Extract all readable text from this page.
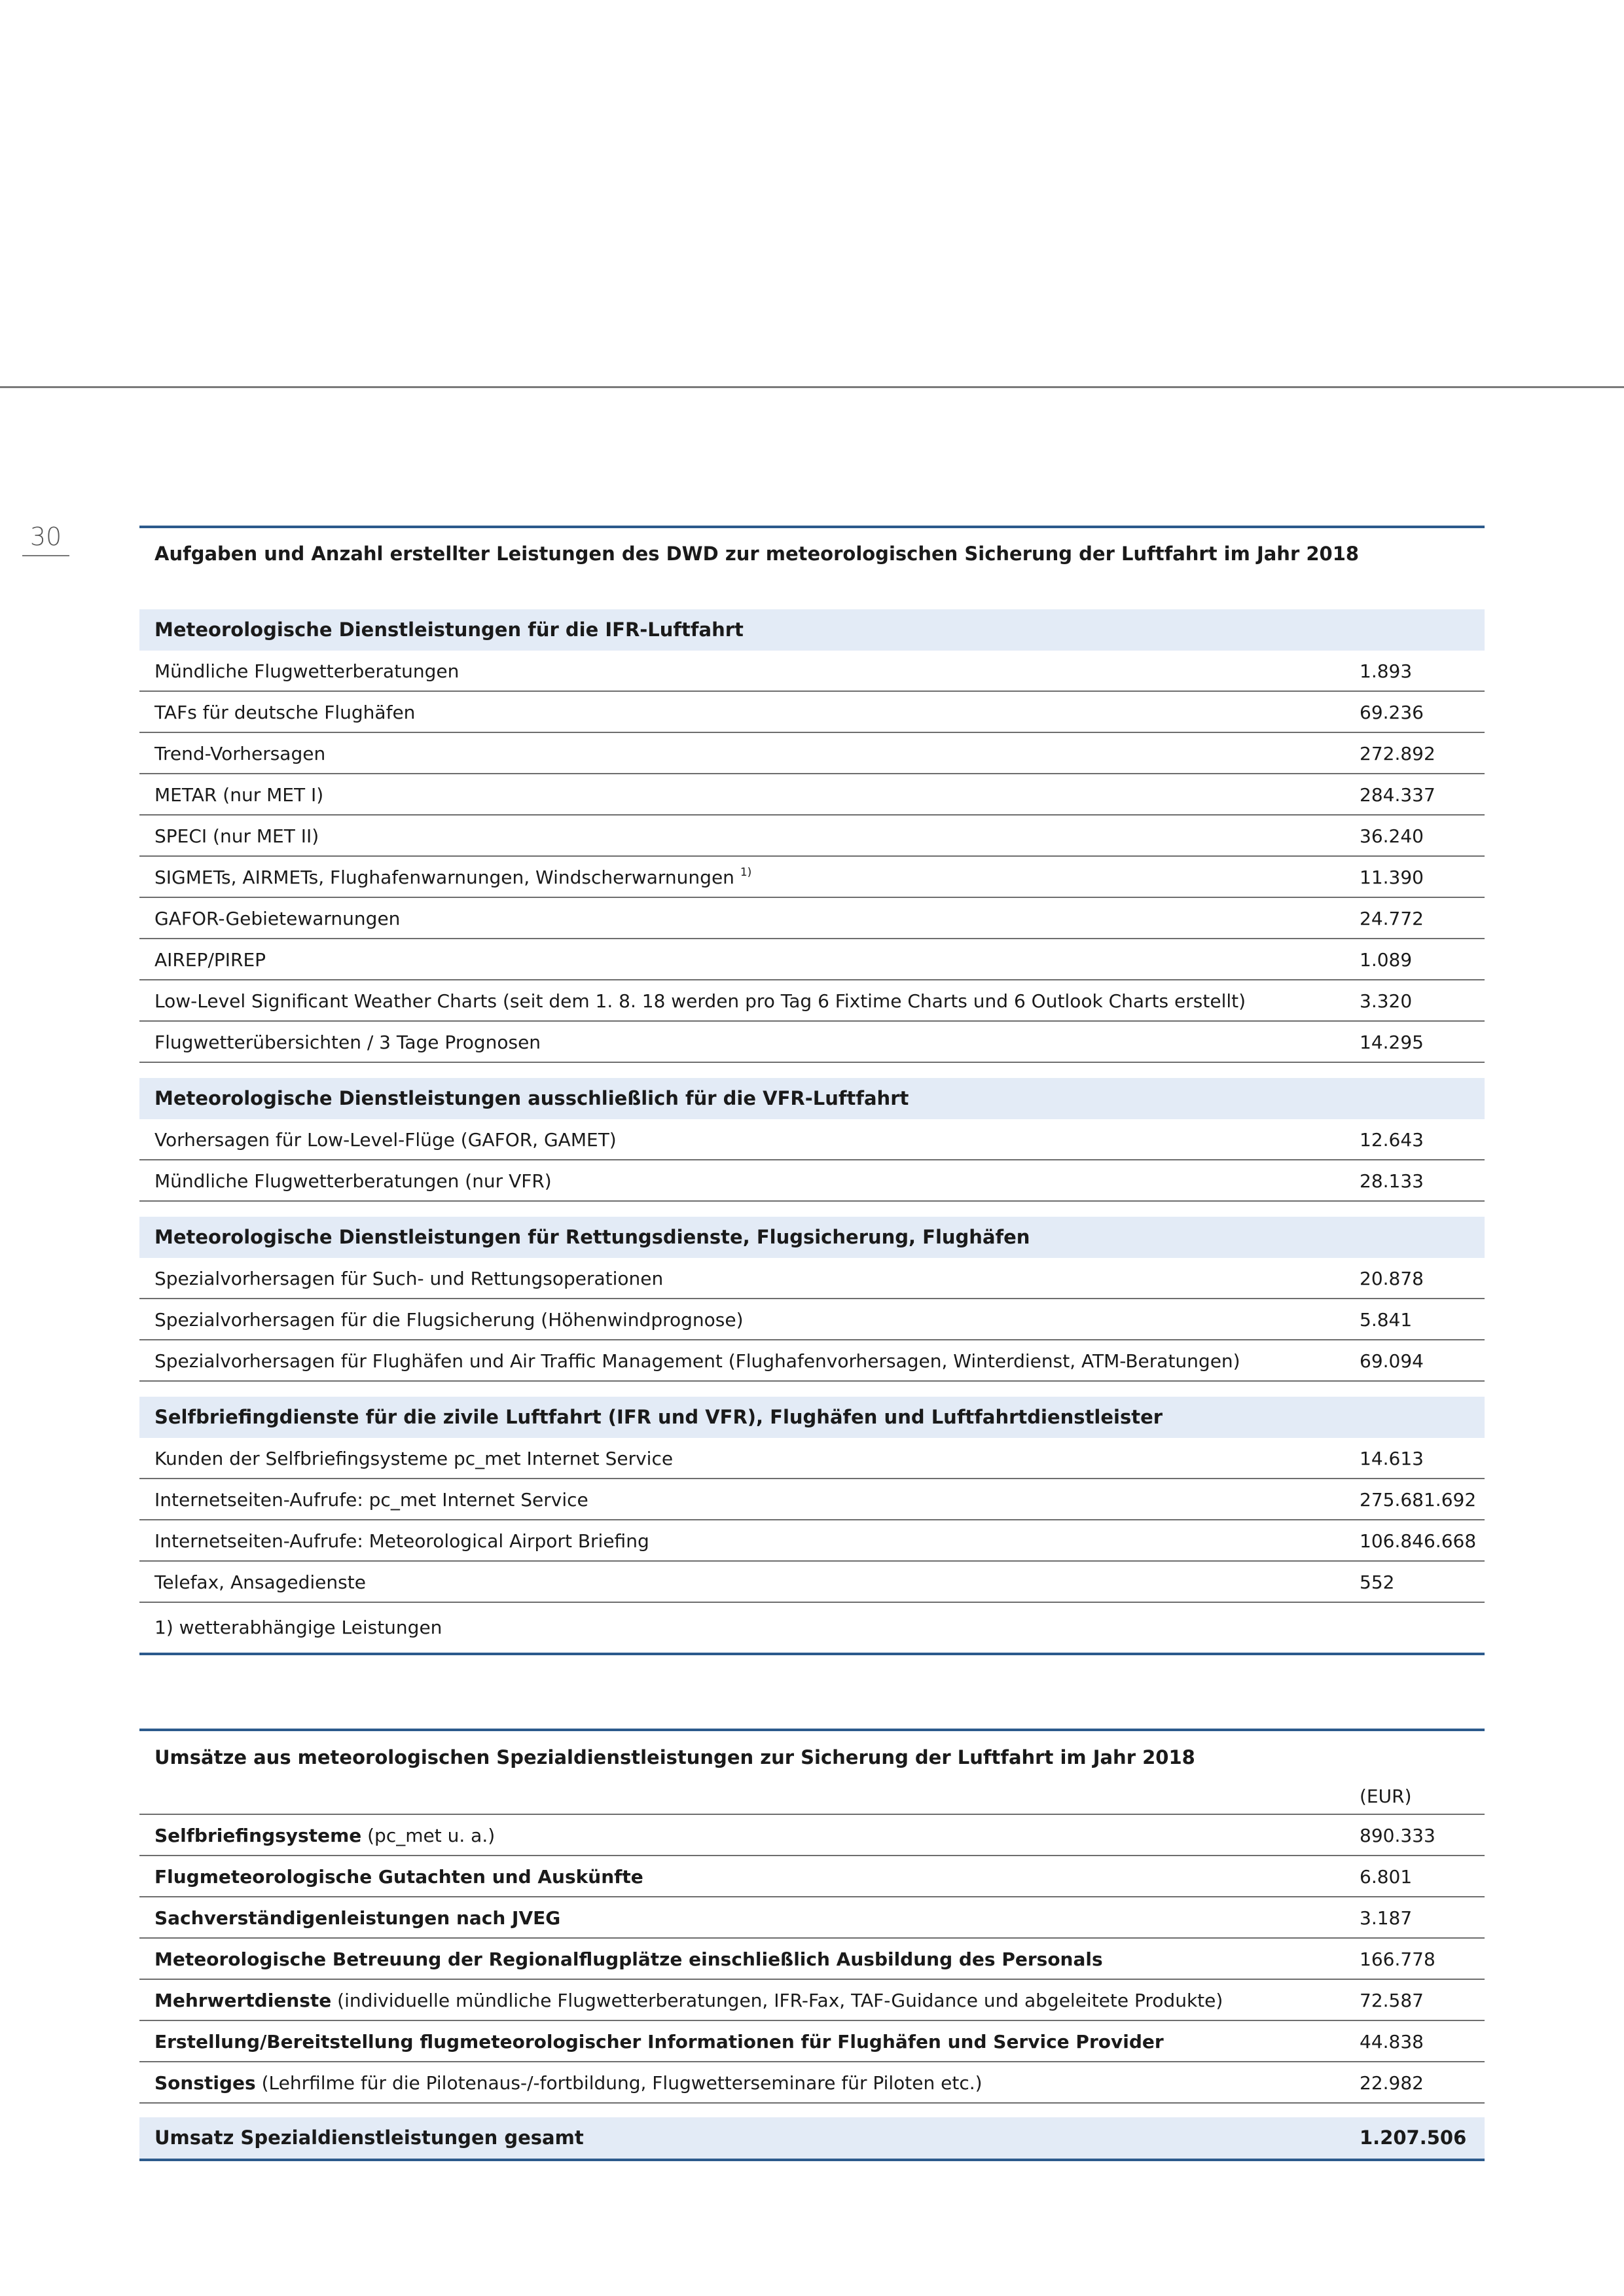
30
Aufgaben und Anzahl erstellter Leistungen des DWD zur meteorologischen Sicherung der Luftfahrt im Jahr 2018
Meteorologische Dienstleistungen für die IFR-Luftfahrt
Mündliche Flugwetterberatungen	1.893
TAFs für deutsche Flughäfen	69.236
Trend-Vorhersagen	272.892
METAR (nur MET I)	284.337
SPECI (nur MET II)	36.240
SIGMETs, AIRMETs, Flughafenwarnungen, Windscherwarnungen $^{1)}$	11.390
GAFOR-Gebietewarnungen	24.772
AIREP/PIREP	1.089
Low-Level Significant Weather Charts (seit dem 1. 8. 18 werden pro Tag 6 Fixtime Charts und 6 Outlook Charts erstellt)	3.320
Flugwetterübersichten / 3 Tage Prognosen	14.295
Meteorologische Dienstleistungen ausschließlich für die VFR-Luftfahrt
Vorhersagen für Low-Level-Flüge (GAFOR, GAMET)	12.643
Mündliche Flugwetterberatungen (nur VFR)	28.133
Meteorologische Dienstleistungen für Rettungsdienste, Flugsicherung, Flughäfen
Spezialvorhersagen für Such- und Rettungsoperationen	20.878
Spezialvorhersagen für die Flugsicherung (Höhenwindprognose)	5.841
Spezialvorhersagen für Flughäfen und Air Traffic Management (Flughafenvorhersagen, Winterdienst, ATM-Beratungen)	69.094
Selfbriefingdienste für die zivile Luftfahrt (IFR und VFR), Flughäfen und Luftfahrtdienstleister
Kunden der Selfbriefingsysteme pc_met Internet Service	14.613
Internetseiten-Aufrufe: pc_met Internet Service	275.681.692
Internetseiten-Aufrufe: Meteorological Airport Briefing	106.846.668
Telefax, Ansagedienste	552
1) wetterabhängige Leistungen
Umsätze aus meteorologischen Spezialdienstleistungen zur Sicherung der Luftfahrt im Jahr 2018
(EUR)
Selfbriefingsysteme (pc_met u. a.)	890.333
Flugmeteorologische Gutachten und Auskünfte	6.801
Sachverständigenleistungen nach JVEG	3.187
Meteorologische Betreuung der Regionalflugplätze einschließlich Ausbildung des Personals	166.778
Mehrwertdienste (individuelle mündliche Flugwetterberatungen, IFR-Fax, TAF-Guidance und abgeleitete Produkte)	72.587
Erstellung/Bereitstellung flugmeteorologischer Informationen für Flughäfen und Service Provider	44.838
Sonstiges (Lehrfilme für die Pilotenaus-/-fortbildung, Flugwetterseminare für Piloten etc.)	22.982
Umsatz Spezialdienstleistungen gesamt	1.207.506
